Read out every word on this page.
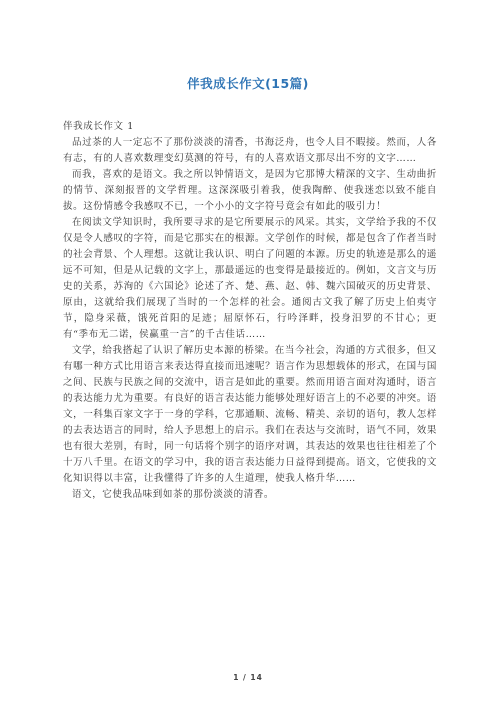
伴我成长作文(15篇)

伴我成长作文 1

品过茶的人一定忘不了那份淡淡的清香，书海泛舟，也令人目不暇接。然而，人各有志，有的人喜欢数理变幻莫测的符号，有的人喜欢语文那尽出不穷的文字……

而我，喜欢的是语文。我之所以钟情语文，是因为它那博大精深的文字、生动曲折的情节、深刻报晋的文学哲理。这深深吸引着我，使我陶醉、使我迷恋以致不能自拔。这份情感令我感叹不已，一个小小的文字符号竟会有如此的吸引力！

在阅读文学知识时，我所要寻求的是它所要展示的风采。其实，文学给予我的不仅仅是令人感叹的字符，而是它那实在的根源。文学创作的时候，都是包含了作者当时的社会背景、个人理想。这就让我认识、明白了问题的本源。历史的轨迹是那么的遥远不可知，但是从记载的文字上，那最遥远的也变得是最接近的。例如，文言文与历史的关系，苏洵的《六国论》论述了齐、楚、燕、赵、韩、魏六国破灭的历史背景、原由，这就给我们展现了当时的一个怎样的社会。通阅古文我了解了历史上伯夷守节，隐身采薇，饿死首阳的足迹；屈原怀石，行吟泽畔，投身汨罗的不甘心；更有“季布无二诺，侯赢重一言”的千古佳话……

文学，给我搭起了认识了解历史本源的桥梁。在当今社会，沟通的方式很多，但又有哪一种方式比用语言来表达得直接而迅速呢？语言作为思想载体的形式，在国与国之间、民族与民族之间的交流中，语言是如此的重要。然而用语言面对沟通时，语言的表达能力尤为重要。有良好的语言表达能力能够处理好语言上的不必要的冲突。语文，一科集百家文字于一身的学科，它那通顺、流畅、精美、亲切的语句，教人怎样的去表达语言的同时，给人予思想上的启示。我们在表达与交流时，语气不同，效果也有很大差别，有时，同一句话将个别字的语序对调，其表达的效果也往往相差了个十万八千里。在语文的学习中，我的语言表达能力日益得到提高。语文，它使我的文化知识得以丰富，让我懂得了许多的人生道理，使我人格升华……

语文，它使我品味到如茶的那份淡淡的清香。

1 / 14
